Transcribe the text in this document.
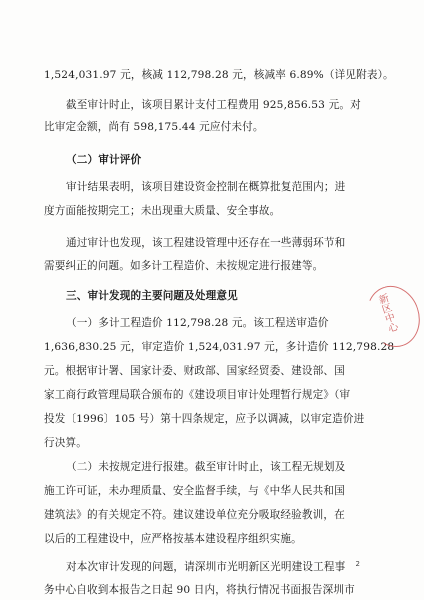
1,524,031.97 元，核减 112,798.28 元，核减率 6.89%（详见附表）。
截至审计时止，该项目累计支付工程费用 925,856.53 元。对
比审定金额，尚有 598,175.44 元应付未付。
（二）审计评价
审计结果表明，该项目建设资金控制在概算批复范围内；进
度方面能按期完工；未出现重大质量、安全事故。
通过审计也发现，该工程建设管理中还存在一些薄弱环节和
需要纠正的问题。如多计工程造价、未按规定进行报建等。
三、审计发现的主要问题及处理意见
（一）多计工程造价 112,798.28 元。该工程送审造价
1,636,830.25 元，审定造价 1,524,031.97 元，多计造价 112,798.28
元。根据审计署、国家计委、财政部、国家经贸委、建设部、国
家工商行政管理局联合颁布的《建设项目审计处理暂行规定》（审
投发〔1996〕105 号）第十四条规定，应予以调减，以审定造价进
行决算。
（二）未按规定进行报建。截至审计时止，该工程无规划及
施工许可证，未办理质量、安全监督手续，与《中华人民共和国
建筑法》的有关规定不符。建议建设单位充分吸取经验教训，在
以后的工程建设中，应严格按基本建设程序组织实施。
对本次审计发现的问题，请深圳市光明新区光明建设工程事
务中心自收到本报告之日起 90 日内，将执行情况书面报告深圳市
新区中心
2
